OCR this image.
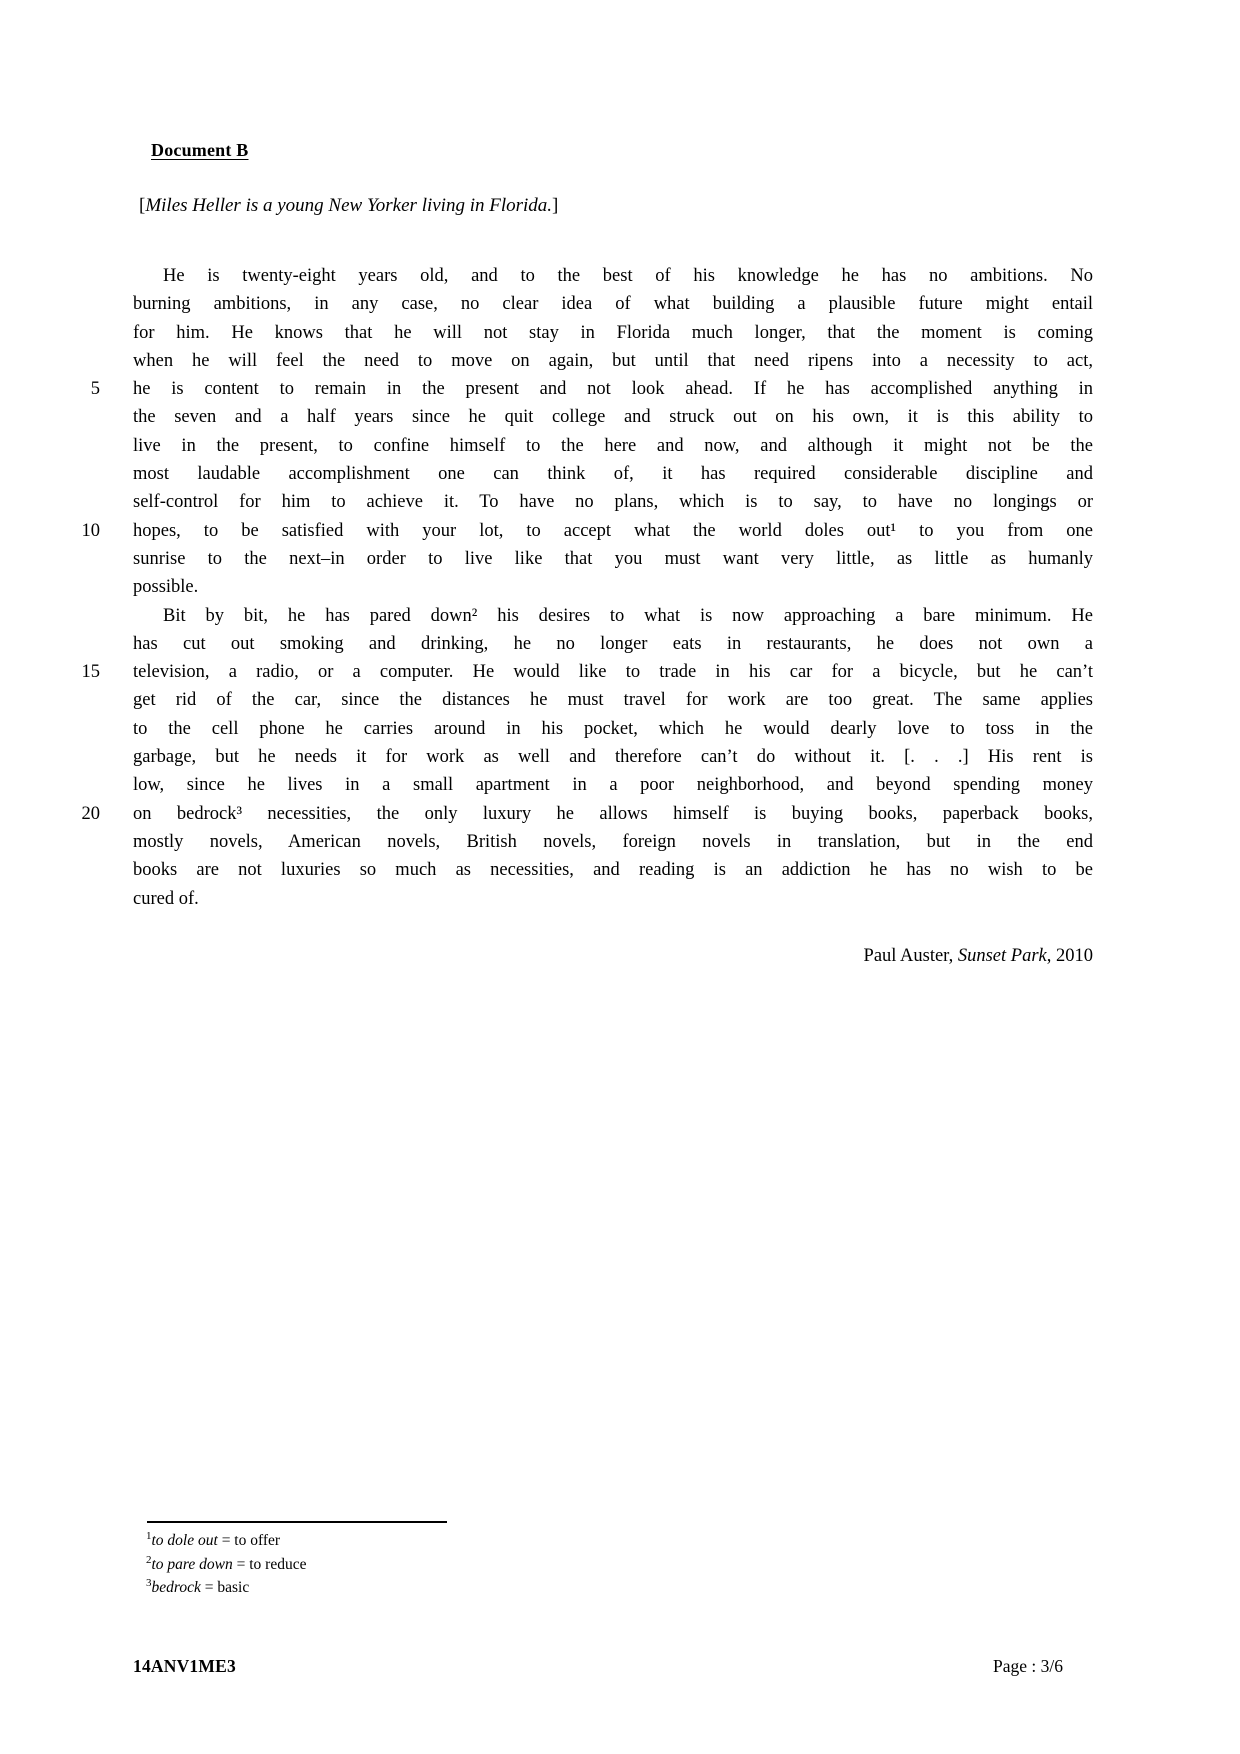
Document B
[Miles Heller is a young New Yorker living in Florida.]
He is twenty-eight years old, and to the best of his knowledge he has no ambitions. No
burning ambitions, in any case, no clear idea of what building a plausible future might entail
for him. He knows that he will not stay in Florida much longer, that the moment is coming
when he will feel the need to move on again, but until that need ripens into a necessity to act,
5	he is content to remain in the present and not look ahead. If he has accomplished anything in
the seven and a half years since he quit college and struck out on his own, it is this ability to
live in the present, to confine himself to the here and now, and although it might not be the
most laudable accomplishment one can think of, it has required considerable discipline and
self-control for him to achieve it. To have no plans, which is to say, to have no longings or
10	hopes, to be satisfied with your lot, to accept what the world doles out¹ to you from one
sunrise to the next–in order to live like that you must want very little, as little as humanly
possible.
Bit by bit, he has pared down² his desires to what is now approaching a bare minimum. He
has cut out smoking and drinking, he no longer eats in restaurants, he does not own a
15	television, a radio, or a computer. He would like to trade in his car for a bicycle, but he can’t
get rid of the car, since the distances he must travel for work are too great. The same applies
to the cell phone he carries around in his pocket, which he would dearly love to toss in the
garbage, but he needs it for work as well and therefore can’t do without it. [. . .] His rent is
low, since he lives in a small apartment in a poor neighborhood, and beyond spending money
20	on bedrock³ necessities, the only luxury he allows himself is buying books, paperback books,
mostly novels, American novels, British novels, foreign novels in translation, but in the end
books are not luxuries so much as necessities, and reading is an addiction he has no wish to be
cured of.
Paul Auster, Sunset Park, 2010
$^1$to dole out = to offer
$^2$to pare down = to reduce
$^3$bedrock = basic
14ANV1ME3	Page : 3/6
